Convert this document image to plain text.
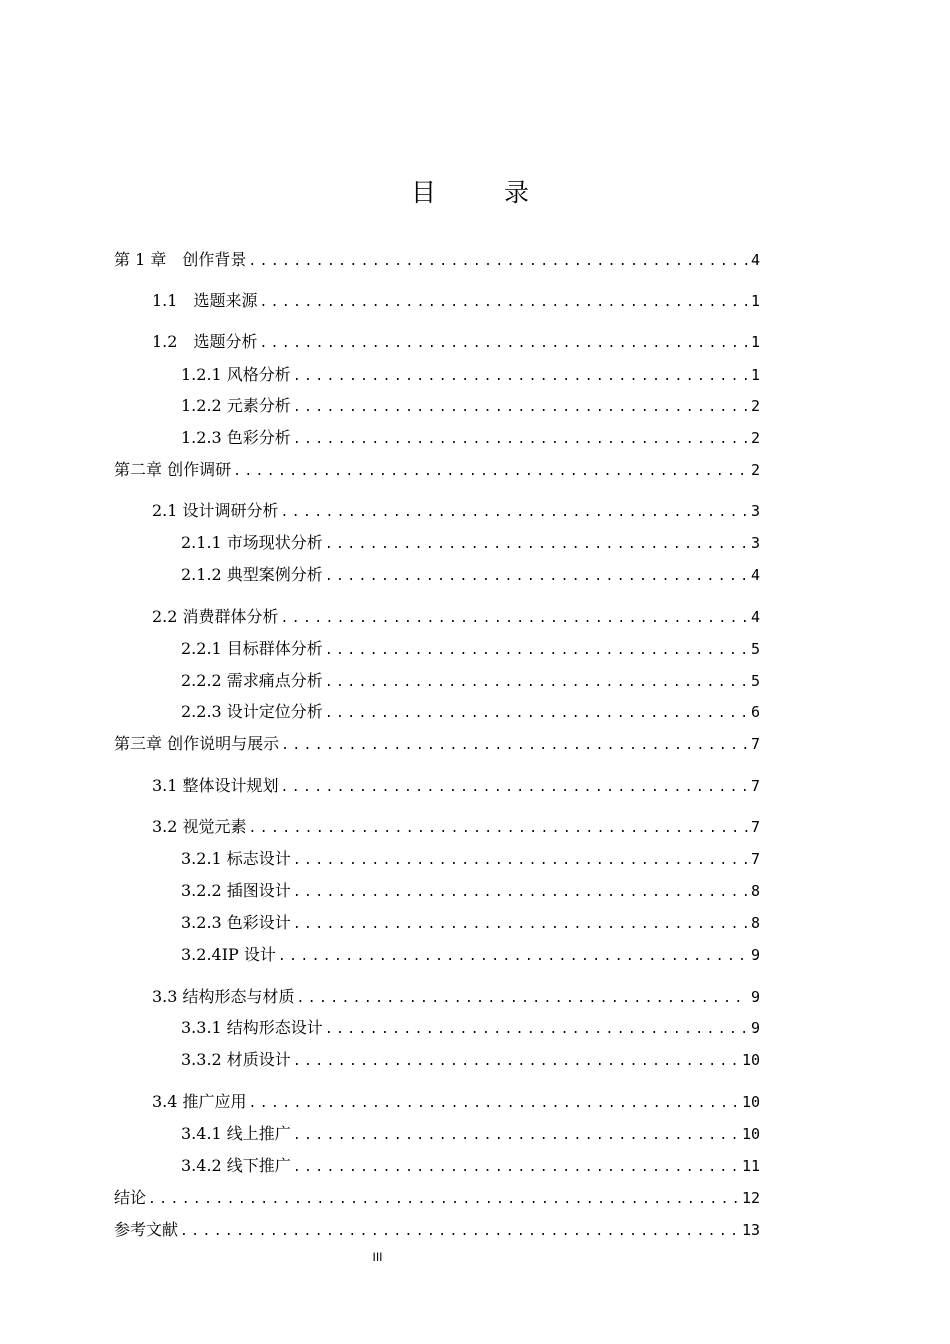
目 录
第 1 章　创作背景 .....	4
1.1　选题来源 .....	1
1.2　选题分析 .....	1
1.2.1 风格分析 .....	1
1.2.2 元素分析 .....	2
1.2.3 色彩分析 .....	2
第二章 创作调研 .....	2
2.1 设计调研分析 .....	3
2.1.1 市场现状分析 .....	3
2.1.2 典型案例分析 .....	4
2.2 消费群体分析 .....	4
2.2.1 目标群体分析 .....	5
2.2.2 需求痛点分析 .....	5
2.2.3 设计定位分析 .....	6
第三章 创作说明与展示 .....	7
3.1 整体设计规划 .....	7
3.2 视觉元素 .....	7
3.2.1 标志设计 .....	7
3.2.2 插图设计 .....	8
3.2.3 色彩设计 .....	8
3.2.4IP 设计 .....	9
3.3 结构形态与材质 .....	9
3.3.1 结构形态设计 .....	9
3.3.2 材质设计 .....	10
3.4 推广应用 .....	10
3.4.1 线上推广 .....	10
3.4.2 线下推广 .....	11
结论 .....	12
参考文献 .....	13
III
